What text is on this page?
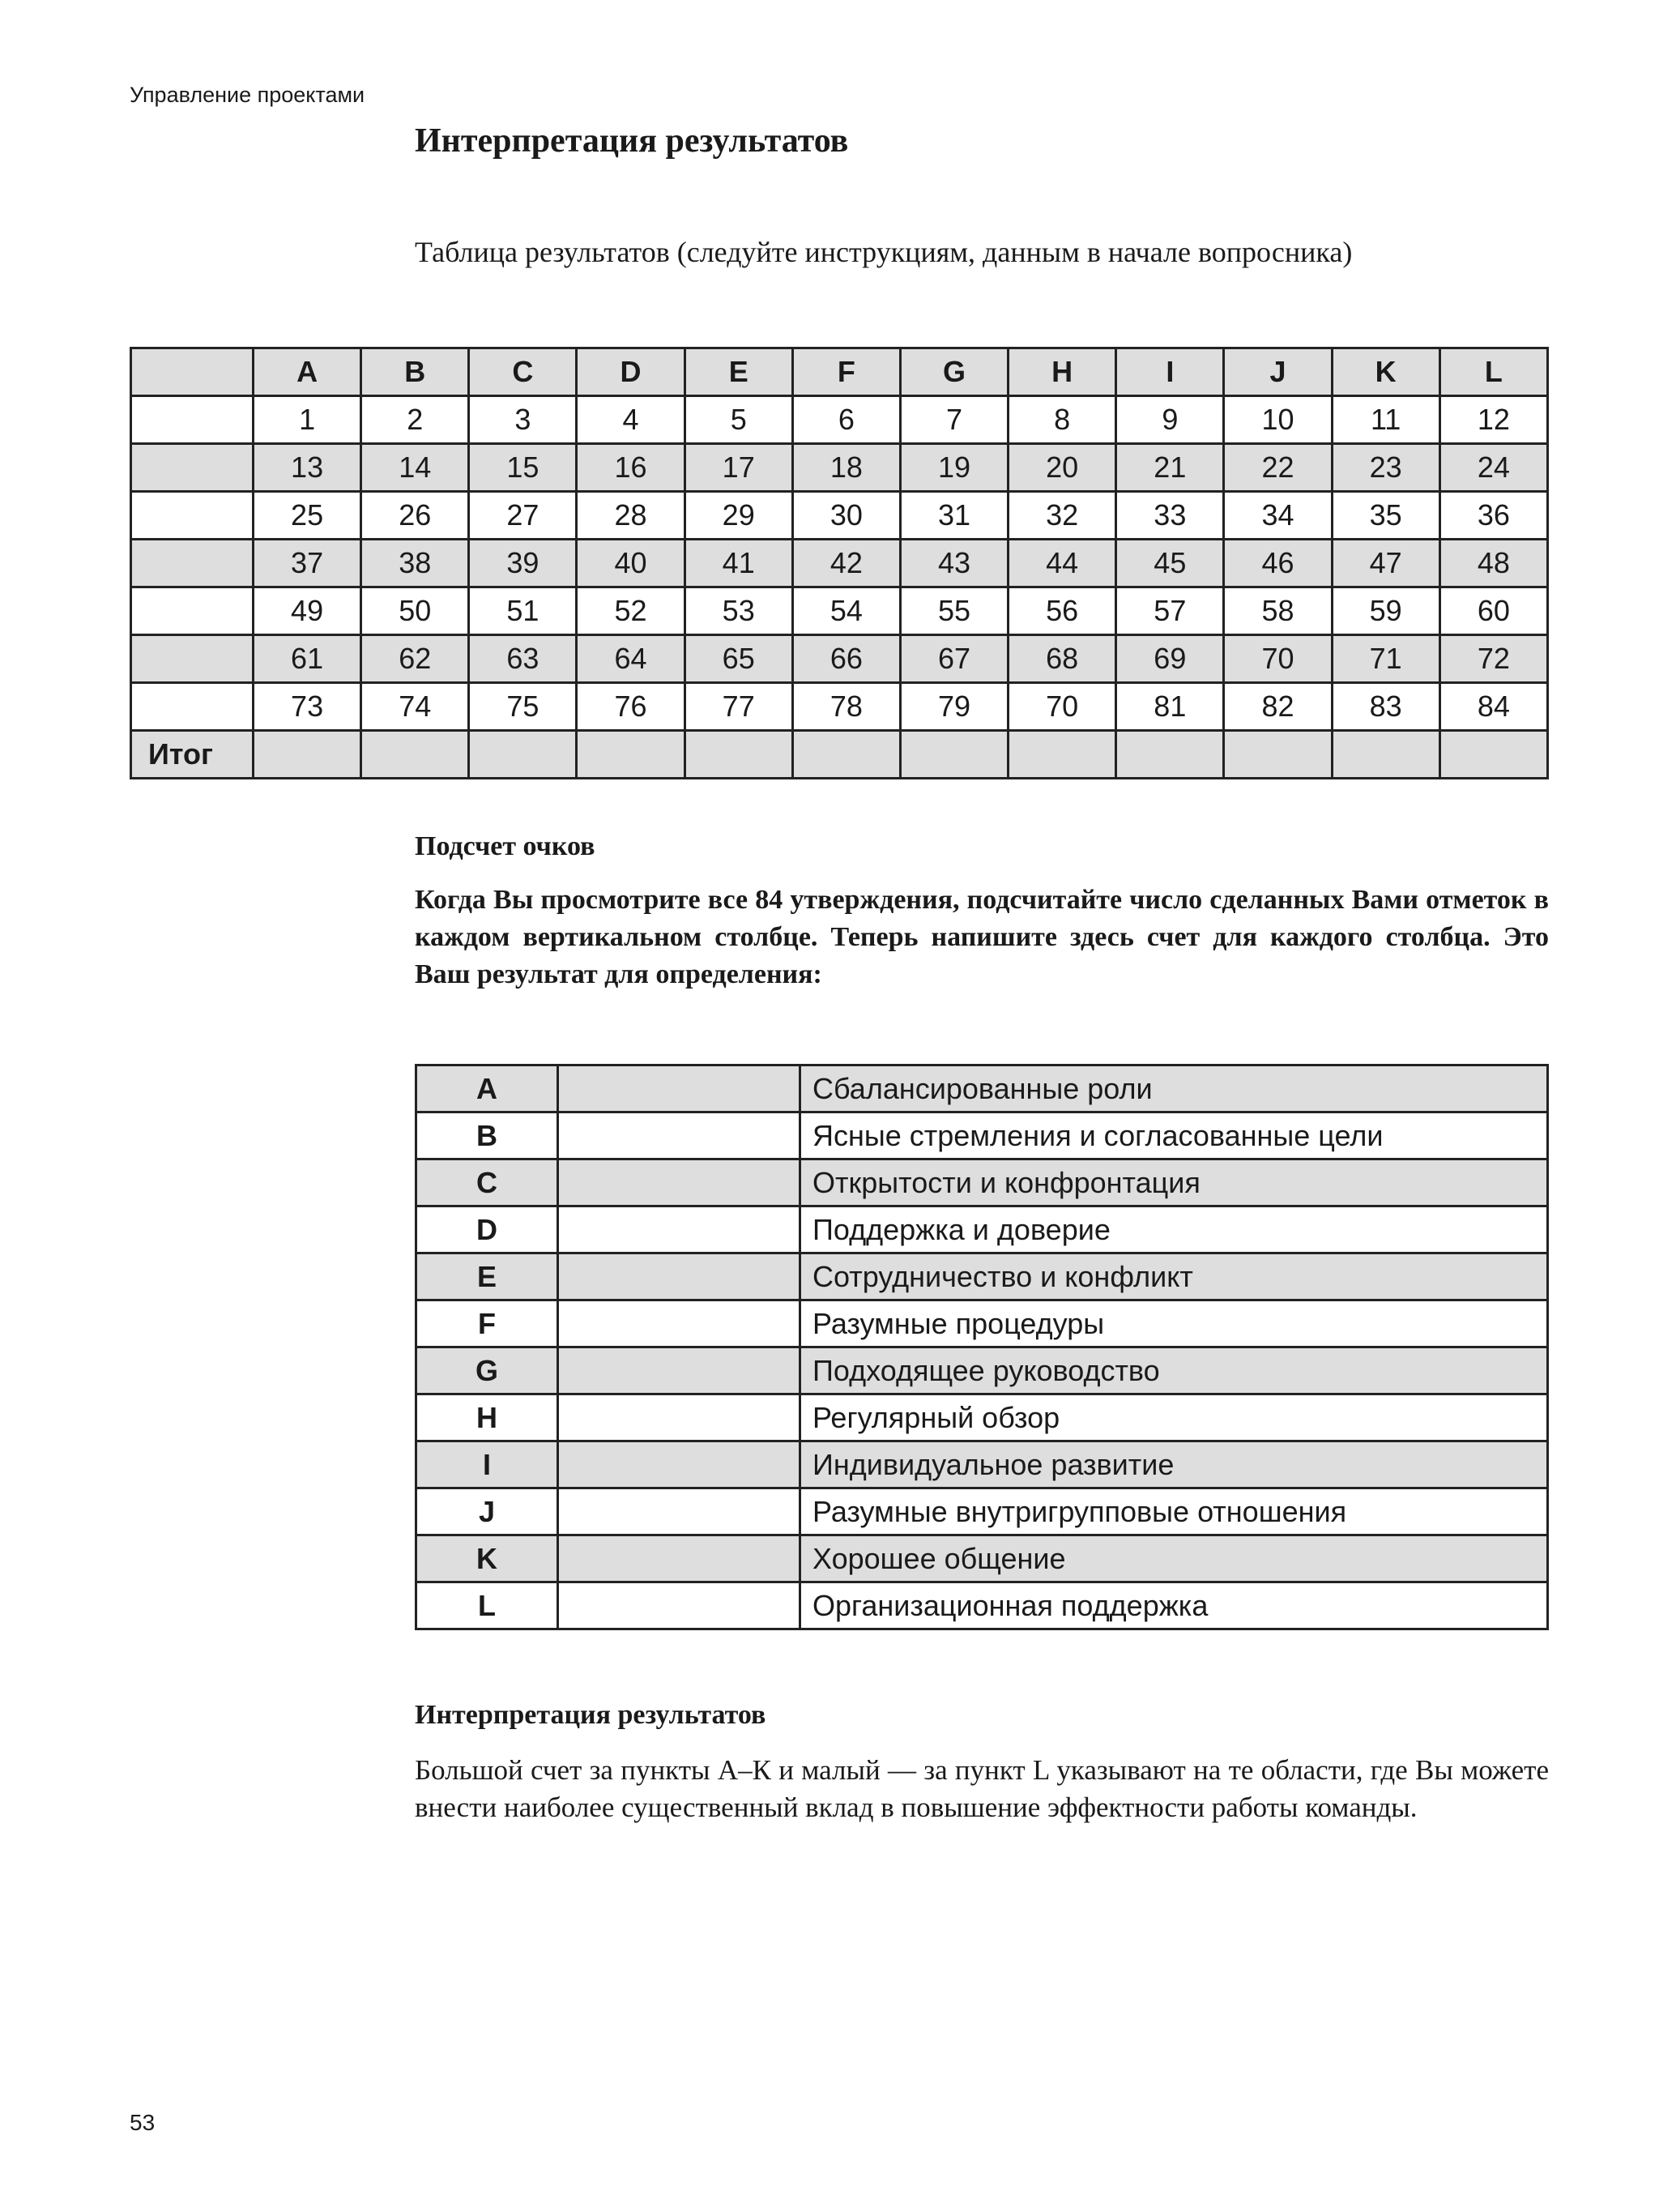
Управление проектами
Интерпретация результатов
Таблица результатов (следуйте инструкциям, данным в начале вопросника)
	A	B	C	D	E	F	G	H	I	J	K	L
	1	2	3	4	5	6	7	8	9	10	11	12
	13	14	15	16	17	18	19	20	21	22	23	24
	25	26	27	28	29	30	31	32	33	34	35	36
	37	38	39	40	41	42	43	44	45	46	47	48
	49	50	51	52	53	54	55	56	57	58	59	60
	61	62	63	64	65	66	67	68	69	70	71	72
	73	74	75	76	77	78	79	70	81	82	83	84
Итог												
Подсчет очков

Когда Вы просмотрите все 84 утверждения, подсчитайте число сделанных Вами отметок в каждом вертикальном столбце. Теперь напишите здесь счет для каждого столбца. Это Ваш результат для определения:

A		Сбалансированные роли
B		Ясные стремления и согласованные цели
C		Открытости и конфронтация
D		Поддержка и доверие
E		Сотрудничество и конфликт
F		Разумные процедуры
G		Подходящее руководство
H		Регулярный обзор
I		Индивидуальное развитие
J		Разумные внутригрупповые отношения
K		Хорошее общение
L		Организационная поддержка
Интерпретация результатов

Большой счет за пункты А–К и малый — за пункт L указывают на те области, где Вы можете внести наиболее существенный вклад в повышение эффектности работы команды.

53
